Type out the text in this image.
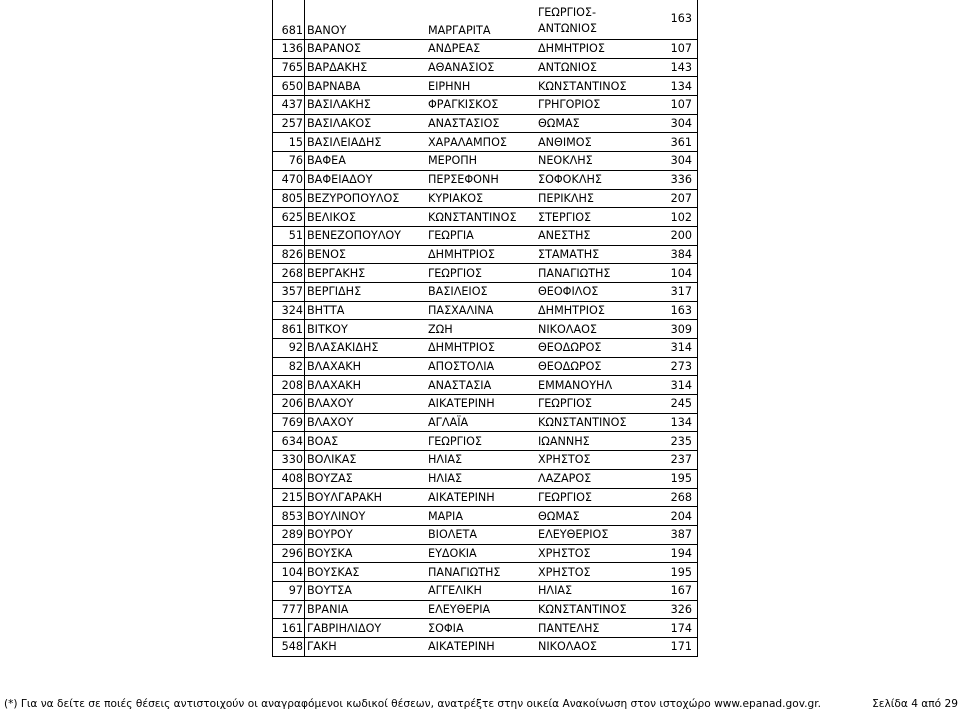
681	ΒΑΝΟΥ	ΜΑΡΓΑΡΙΤΑ	ΓΕΩΡΓΙΟΣ-ΑΝΤΩΝΙΟΣ	163
136	ΒΑΡΑΝΟΣ	ΑΝΔΡΕΑΣ	ΔΗΜΗΤΡΙΟΣ	107
765	ΒΑΡΔΑΚΗΣ	ΑΘΑΝΑΣΙΟΣ	ΑΝΤΩΝΙΟΣ	143
650	ΒΑΡΝΑΒΑ	ΕΙΡΗΝΗ	ΚΩΝΣΤΑΝΤΙΝΟΣ	134
437	ΒΑΣΙΛΑΚΗΣ	ΦΡΑΓΚΙΣΚΟΣ	ΓΡΗΓΟΡΙΟΣ	107
257	ΒΑΣΙΛΑΚΟΣ	ΑΝΑΣΤΑΣΙΟΣ	ΘΩΜΑΣ	304
15	ΒΑΣΙΛΕΙΑΔΗΣ	ΧΑΡΑΛΑΜΠΟΣ	ΑΝΘΙΜΟΣ	361
76	ΒΑΦΕΑ	ΜΕΡΟΠΗ	ΝΕΟΚΛΗΣ	304
470	ΒΑΦΕΙΑΔΟΥ	ΠΕΡΣΕΦΟΝΗ	ΣΟΦΟΚΛΗΣ	336
805	ΒΕΖΥΡΟΠΟΥΛΟΣ	ΚΥΡΙΑΚΟΣ	ΠΕΡΙΚΛΗΣ	207
625	ΒΕΛΙΚΟΣ	ΚΩΝΣΤΑΝΤΙΝΟΣ	ΣΤΕΡΓΙΟΣ	102
51	ΒΕΝΕΖΟΠΟΥΛΟΥ	ΓΕΩΡΓΙΑ	ΑΝΕΣΤΗΣ	200
826	ΒΕΝΟΣ	ΔΗΜΗΤΡΙΟΣ	ΣΤΑΜΑΤΗΣ	384
268	ΒΕΡΓΑΚΗΣ	ΓΕΩΡΓΙΟΣ	ΠΑΝΑΓΙΩΤΗΣ	104
357	ΒΕΡΓΙΔΗΣ	ΒΑΣΙΛΕΙΟΣ	ΘΕΟΦΙΛΟΣ	317
324	ΒΗΤΤΑ	ΠΑΣΧΑΛΙΝΑ	ΔΗΜΗΤΡΙΟΣ	163
861	ΒΙΤΚΟΥ	ΖΩΗ	ΝΙΚΟΛΑΟΣ	309
92	ΒΛΑΣΑΚΙΔΗΣ	ΔΗΜΗΤΡΙΟΣ	ΘΕΟΔΩΡΟΣ	314
82	ΒΛΑΧΑΚΗ	ΑΠΟΣΤΟΛΙΑ	ΘΕΟΔΩΡΟΣ	273
208	ΒΛΑΧΑΚΗ	ΑΝΑΣΤΑΣΙΑ	ΕΜΜΑΝΟΥΗΛ	314
206	ΒΛΑΧΟΥ	ΑΙΚΑΤΕΡΙΝΗ	ΓΕΩΡΓΙΟΣ	245
769	ΒΛΑΧΟΥ	ΑΓΛΑΪΑ	ΚΩΝΣΤΑΝΤΙΝΟΣ	134
634	ΒΟΑΣ	ΓΕΩΡΓΙΟΣ	ΙΩΑΝΝΗΣ	235
330	ΒΟΛΙΚΑΣ	ΗΛΙΑΣ	ΧΡΗΣΤΟΣ	237
408	ΒΟΥΖΑΣ	ΗΛΙΑΣ	ΛΑΖΑΡΟΣ	195
215	ΒΟΥΛΓΑΡΑΚΗ	ΑΙΚΑΤΕΡΙΝΗ	ΓΕΩΡΓΙΟΣ	268
853	ΒΟΥΛΙΝΟΥ	ΜΑΡΙΑ	ΘΩΜΑΣ	204
289	ΒΟΥΡΟΥ	ΒΙΟΛΕΤΑ	ΕΛΕΥΘΕΡΙΟΣ	387
296	ΒΟΥΣΚΑ	ΕΥΔΟΚΙΑ	ΧΡΗΣΤΟΣ	194
104	ΒΟΥΣΚΑΣ	ΠΑΝΑΓΙΩΤΗΣ	ΧΡΗΣΤΟΣ	195
97	ΒΟΥΤΣΑ	ΑΓΓΕΛΙΚΗ	ΗΛΙΑΣ	167
777	ΒΡΑΝΙΑ	ΕΛΕΥΘΕΡΙΑ	ΚΩΝΣΤΑΝΤΙΝΟΣ	326
161	ΓΑΒΡΙΗΛΙΔΟΥ	ΣΟΦΙΑ	ΠΑΝΤΕΛΗΣ	174
548	ΓΑΚΗ	ΑΙΚΑΤΕΡΙΝΗ	ΝΙΚΟΛΑΟΣ	171
(*) Για να δείτε σε ποιές θέσεις αντιστοιχούν οι αναγραφόμενοι κωδικοί θέσεων, ανατρέξτε στην οικεία Ανακοίνωση στον ιστοχώρο www.epanad.gov.gr.	Σελίδα 4 από 29
